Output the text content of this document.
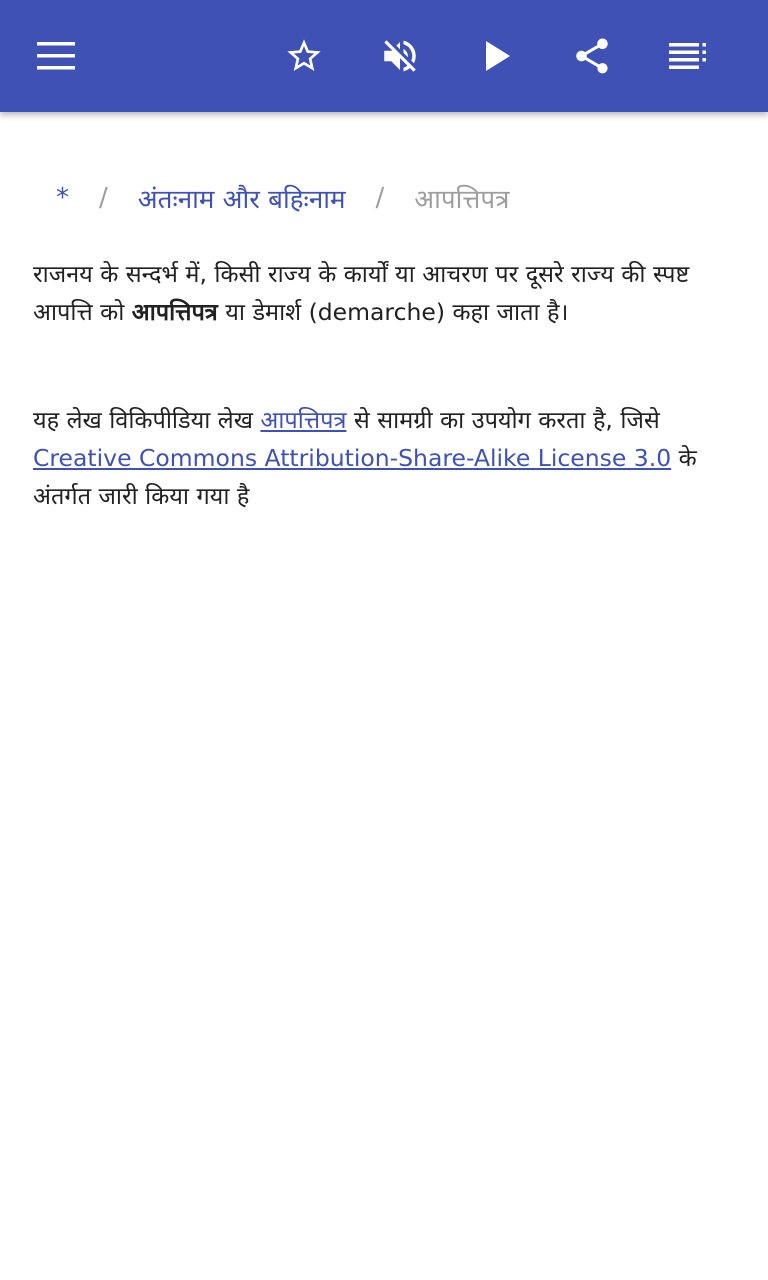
* / अंतःनाम और बहिःनाम / आपत्तिपत्र

राजनय के सन्दर्भ में, किसी राज्य के कार्यों या आचरण पर दूसरे राज्य की स्पष्ट आपत्ति को आपत्तिपत्र या डेमार्श (demarche) कहा जाता है।

यह लेख विकिपीडिया लेख आपत्तिपत्र से सामग्री का उपयोग करता है, जिसे Creative Commons Attribution-Share-Alike License 3.0 के अंतर्गत जारी किया गया है
